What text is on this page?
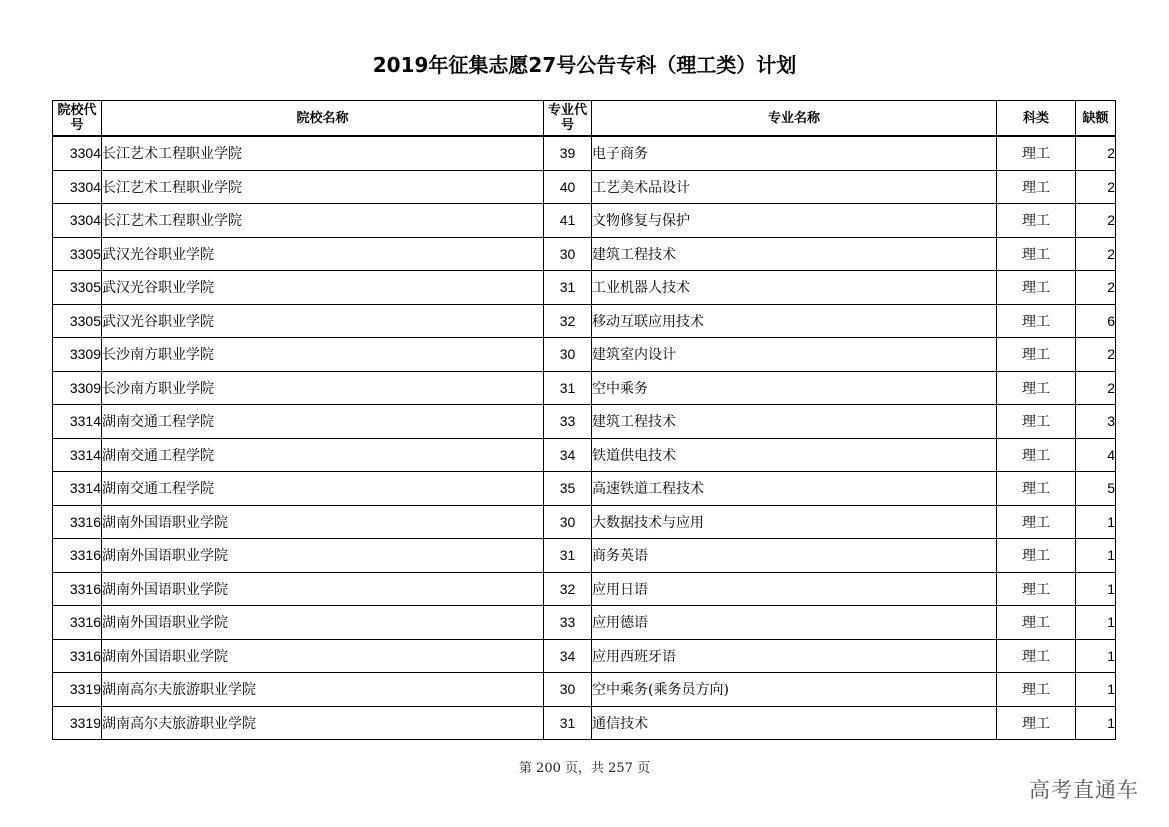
2019年征集志愿27号公告专科（理工类）计划
院校代号	院校名称	专业代号	专业名称	科类	缺额
3304	长江艺术工程职业学院	39	电子商务	理工	2
3304	长江艺术工程职业学院	40	工艺美术品设计	理工	2
3304	长江艺术工程职业学院	41	文物修复与保护	理工	2
3305	武汉光谷职业学院	30	建筑工程技术	理工	2
3305	武汉光谷职业学院	31	工业机器人技术	理工	2
3305	武汉光谷职业学院	32	移动互联应用技术	理工	6
3309	长沙南方职业学院	30	建筑室内设计	理工	2
3309	长沙南方职业学院	31	空中乘务	理工	2
3314	湖南交通工程学院	33	建筑工程技术	理工	3
3314	湖南交通工程学院	34	铁道供电技术	理工	4
3314	湖南交通工程学院	35	高速铁道工程技术	理工	5
3316	湖南外国语职业学院	30	大数据技术与应用	理工	1
3316	湖南外国语职业学院	31	商务英语	理工	1
3316	湖南外国语职业学院	32	应用日语	理工	1
3316	湖南外国语职业学院	33	应用德语	理工	1
3316	湖南外国语职业学院	34	应用西班牙语	理工	1
3319	湖南高尔夫旅游职业学院	30	空中乘务(乘务员方向)	理工	1
3319	湖南高尔夫旅游职业学院	31	通信技术	理工	1
第 200 页，共 257 页
高考直通车
